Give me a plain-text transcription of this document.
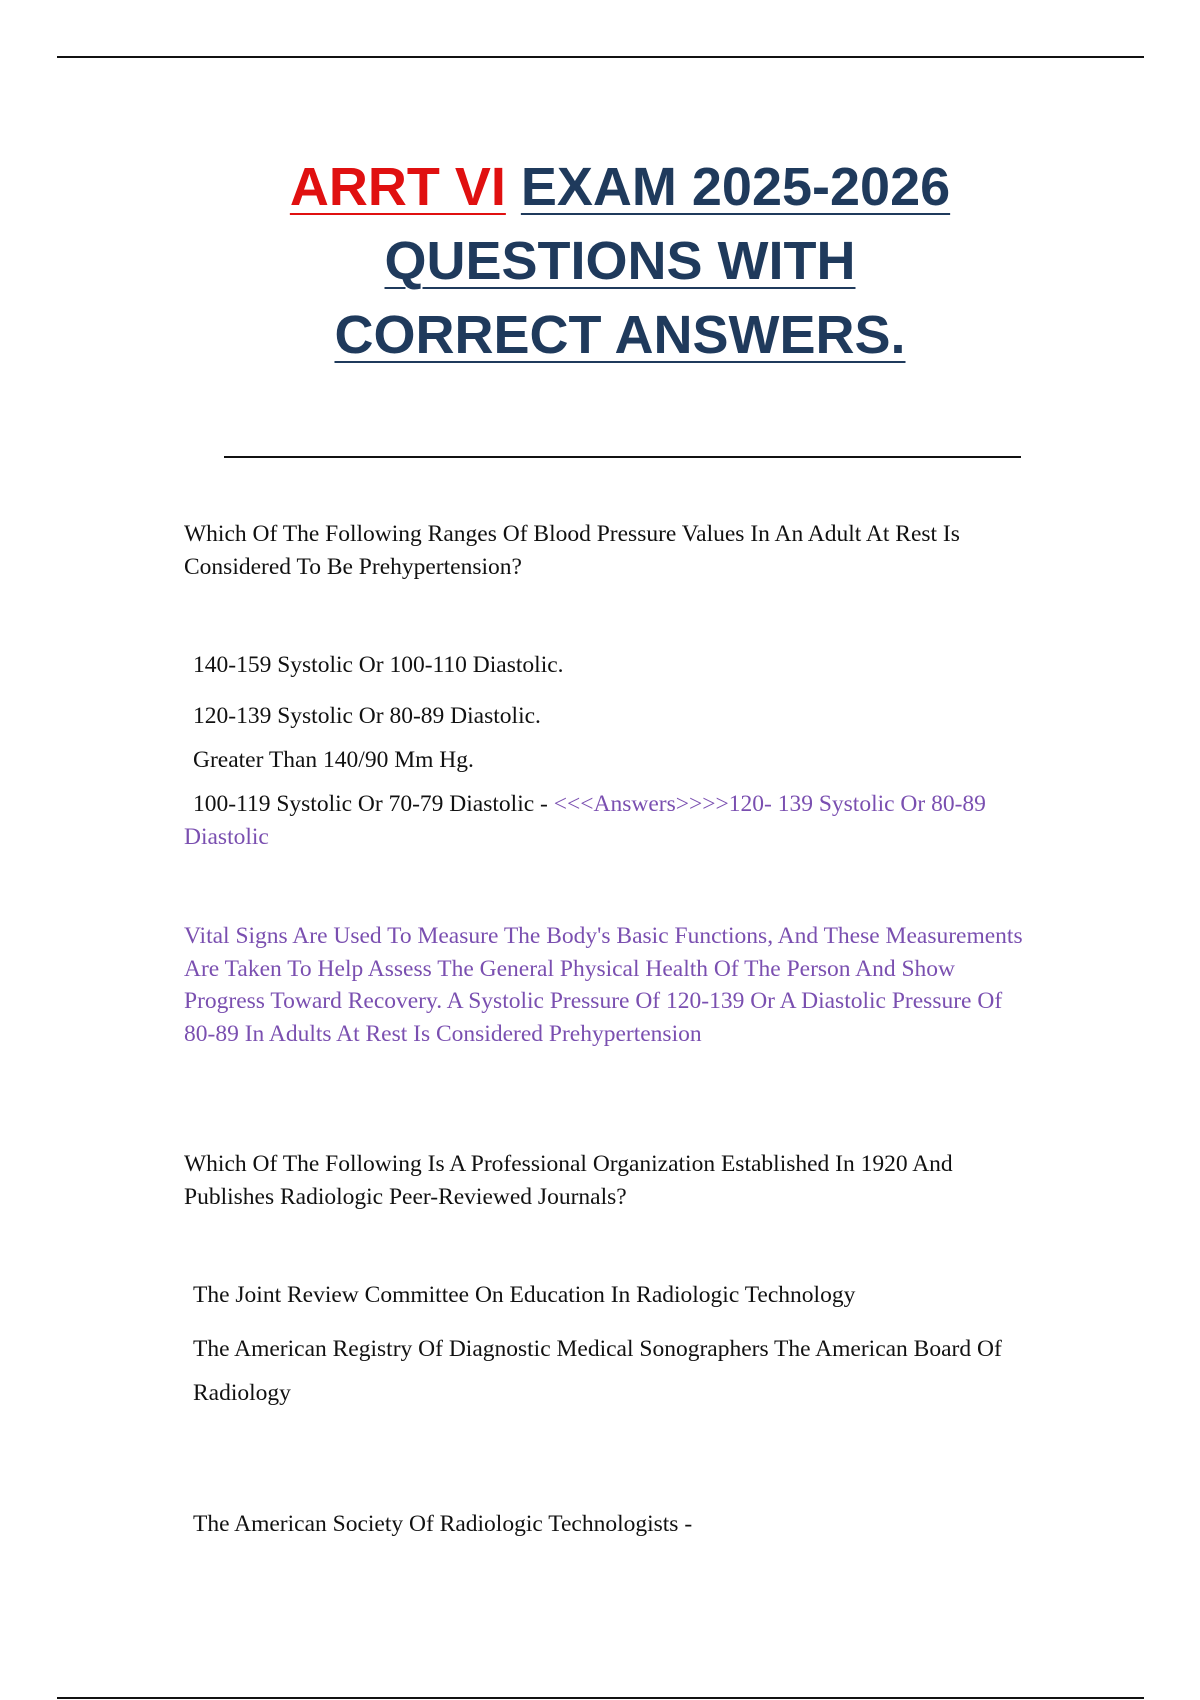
ARRT VI EXAM 2025-2026
QUESTIONS WITH
CORRECT ANSWERS.

Which Of The Following Ranges Of Blood Pressure Values In An Adult At Rest Is Considered To Be Prehypertension?

140-159 Systolic Or 100-110 Diastolic.

120-139 Systolic Or 80-89 Diastolic.

Greater Than 140/90 Mm Hg.

100-119 Systolic Or 70-79 Diastolic - <<<Answers>>>>120- 139 Systolic Or 80-89 Diastolic

Vital Signs Are Used To Measure The Body's Basic Functions, And These Measurements Are Taken To Help Assess The General Physical Health Of The Person And Show Progress Toward Recovery. A Systolic Pressure Of 120-139 Or A Diastolic Pressure Of 80-89 In Adults At Rest Is Considered Prehypertension

Which Of The Following Is A Professional Organization Established In 1920 And Publishes Radiologic Peer-Reviewed Journals?

The Joint Review Committee On Education In Radiologic Technology

The American Registry Of Diagnostic Medical Sonographers The American Board Of Radiology

The American Society Of Radiologic Technologists -
